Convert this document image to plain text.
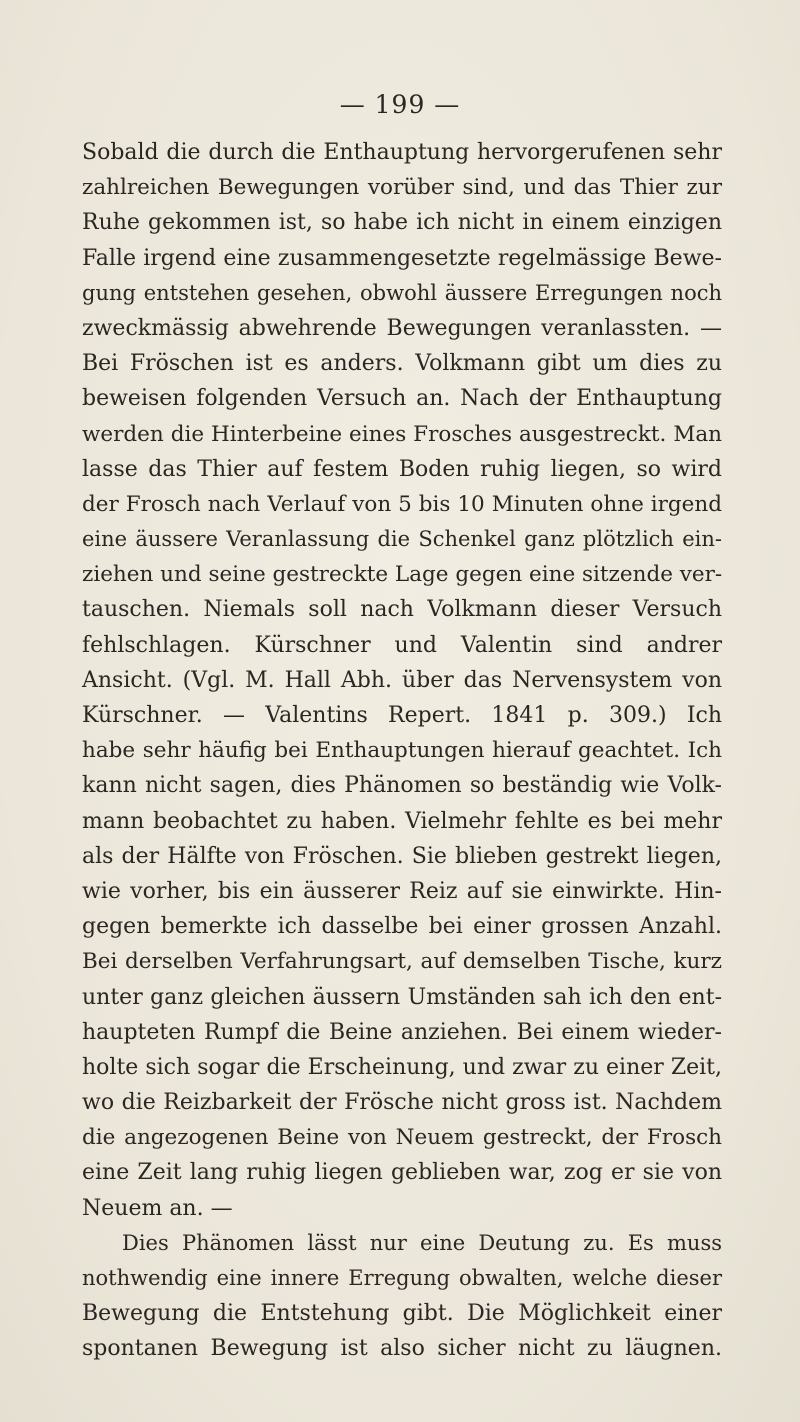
— 199 —
Sobald die durch die Enthauptung hervorgerufenen sehr
zahlreichen Bewegungen vorüber sind, und das Thier zur
Ruhe gekommen ist, so habe ich nicht in einem einzigen
Falle irgend eine zusammengesetzte regelmässige Bewe-
gung entstehen gesehen, obwohl äussere Erregungen noch
zweckmässig abwehrende Bewegungen veranlassten. —
Bei Fröschen ist es anders. Volkmann gibt um dies zu
beweisen folgenden Versuch an. Nach der Enthauptung
werden die Hinterbeine eines Frosches ausgestreckt. Man
lasse das Thier auf festem Boden ruhig liegen, so wird
der Frosch nach Verlauf von 5 bis 10 Minuten ohne irgend
eine äussere Veranlassung die Schenkel ganz plötzlich ein-
ziehen und seine gestreckte Lage gegen eine sitzende ver-
tauschen. Niemals soll nach Volkmann dieser Versuch
fehlschlagen. Kürschner und Valentin sind andrer
Ansicht. (Vgl. M. Hall Abh. über das Nervensystem von
Kürschner. — Valentins Repert. 1841 p. 309.) Ich
habe sehr häufig bei Enthauptungen hierauf geachtet. Ich
kann nicht sagen, dies Phänomen so beständig wie Volk-
mann beobachtet zu haben. Vielmehr fehlte es bei mehr
als der Hälfte von Fröschen. Sie blieben gestrekt liegen,
wie vorher, bis ein äusserer Reiz auf sie einwirkte. Hin-
gegen bemerkte ich dasselbe bei einer grossen Anzahl.
Bei derselben Verfahrungsart, auf demselben Tische, kurz
unter ganz gleichen äussern Umständen sah ich den ent-
haupteten Rumpf die Beine anziehen. Bei einem wieder-
holte sich sogar die Erscheinung, und zwar zu einer Zeit,
wo die Reizbarkeit der Frösche nicht gross ist. Nachdem
die angezogenen Beine von Neuem gestreckt, der Frosch
eine Zeit lang ruhig liegen geblieben war, zog er sie von
Neuem an. —
Dies Phänomen lässt nur eine Deutung zu. Es muss
nothwendig eine innere Erregung obwalten, welche dieser
Bewegung die Entstehung gibt. Die Möglichkeit einer
spontanen Bewegung ist also sicher nicht zu läugnen.
